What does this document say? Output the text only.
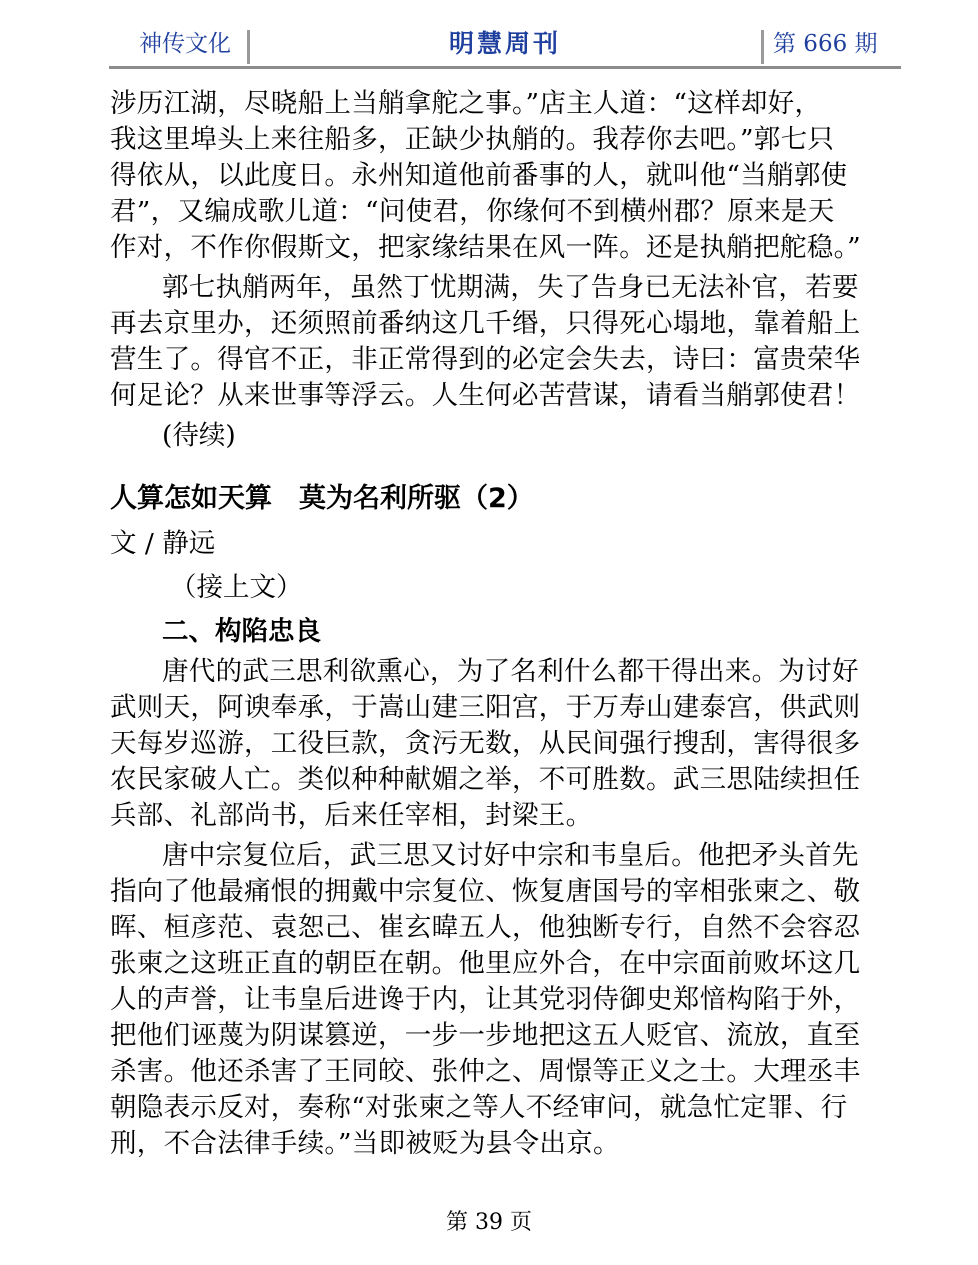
神传文化	明慧周刊	第 666 期
涉历江湖，尽晓船上当艄拿舵之事。”店主人道：“这样却好，
我这里埠头上来往船多，正缺少执艄的。我荐你去吧。”郭七只
得依从，以此度日。永州知道他前番事的人，就叫他“当艄郭使
君”，又编成歌儿道：“问使君，你缘何不到横州郡？原来是天
作对，不作你假斯文，把家缘结果在风一阵。还是执艄把舵稳。”
郭七执艄两年，虽然丁忧期满，失了告身已无法补官，若要
再去京里办，还须照前番纳这几千缗，只得死心塌地，靠着船上
营生了。得官不正，非正常得到的必定会失去，诗曰：富贵荣华
何足论？从来世事等浮云。人生何必苦营谋，请看当艄郭使君！
(待续)
人算怎如天算　莫为名利所驱（2）
文 / 静远
（接上文）
二、构陷忠良
唐代的武三思利欲熏心，为了名利什么都干得出来。为讨好
武则天，阿谀奉承，于嵩山建三阳宫，于万寿山建泰宫，供武则
天每岁巡游，工役巨款，贪污无数，从民间强行搜刮，害得很多
农民家破人亡。类似种种献媚之举，不可胜数。武三思陆续担任
兵部、礼部尚书，后来任宰相，封梁王。
唐中宗复位后，武三思又讨好中宗和韦皇后。他把矛头首先
指向了他最痛恨的拥戴中宗复位、恢复唐国号的宰相张柬之、敬
晖、桓彦范、袁恕己、崔玄暐五人，他独断专行，自然不会容忍
张柬之这班正直的朝臣在朝。他里应外合，在中宗面前败坏这几
人的声誉，让韦皇后进谗于内，让其党羽侍御史郑愔构陷于外，
把他们诬蔑为阴谋篡逆，一步一步地把这五人贬官、流放，直至
杀害。他还杀害了王同皎、张仲之、周憬等正义之士。大理丞丰
朝隐表示反对，奏称“对张柬之等人不经审问，就急忙定罪、行
刑，不合法律手续。”当即被贬为县令出京。
第 39 页
